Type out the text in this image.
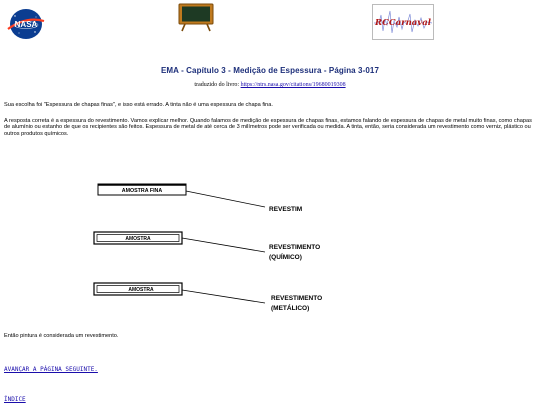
NASA	RCCarnaval
EMA - Capítulo 3 - Medição de Espessura - Página 3-017
traduzido do livro: https://ntrs.nasa.gov/citations/19680019308
Sua escolha foi "Espessura de chapas finas", e isso está errado. A tinta não é uma espessura de chapa fina.
A resposta correta é a espessura do revestimento. Vamos explicar melhor. Quando falamos de medição de espessura de chapas finas, estamos falando de espessura de chapas de metal muito finas, como chapas de alumínio ou estanho de que os recipientes são feitos. Espessura de metal de até cerca de 3 milímetros pode ser verificada ou medida. A tinta, então, seria considerada um revestimento como verniz, plástico ou outros produtos químicos.
AMOSTRA FINA
REVESTIM
AMOSTRA
REVESTIMENTO
(QUÍMICO)
AMOSTRA
REVESTIMENTO
(METÁLICO)
Então pintura é considerada um revestimento.
AVANÇAR A PÁGINA SEGUINTE.
ÍNDICE
